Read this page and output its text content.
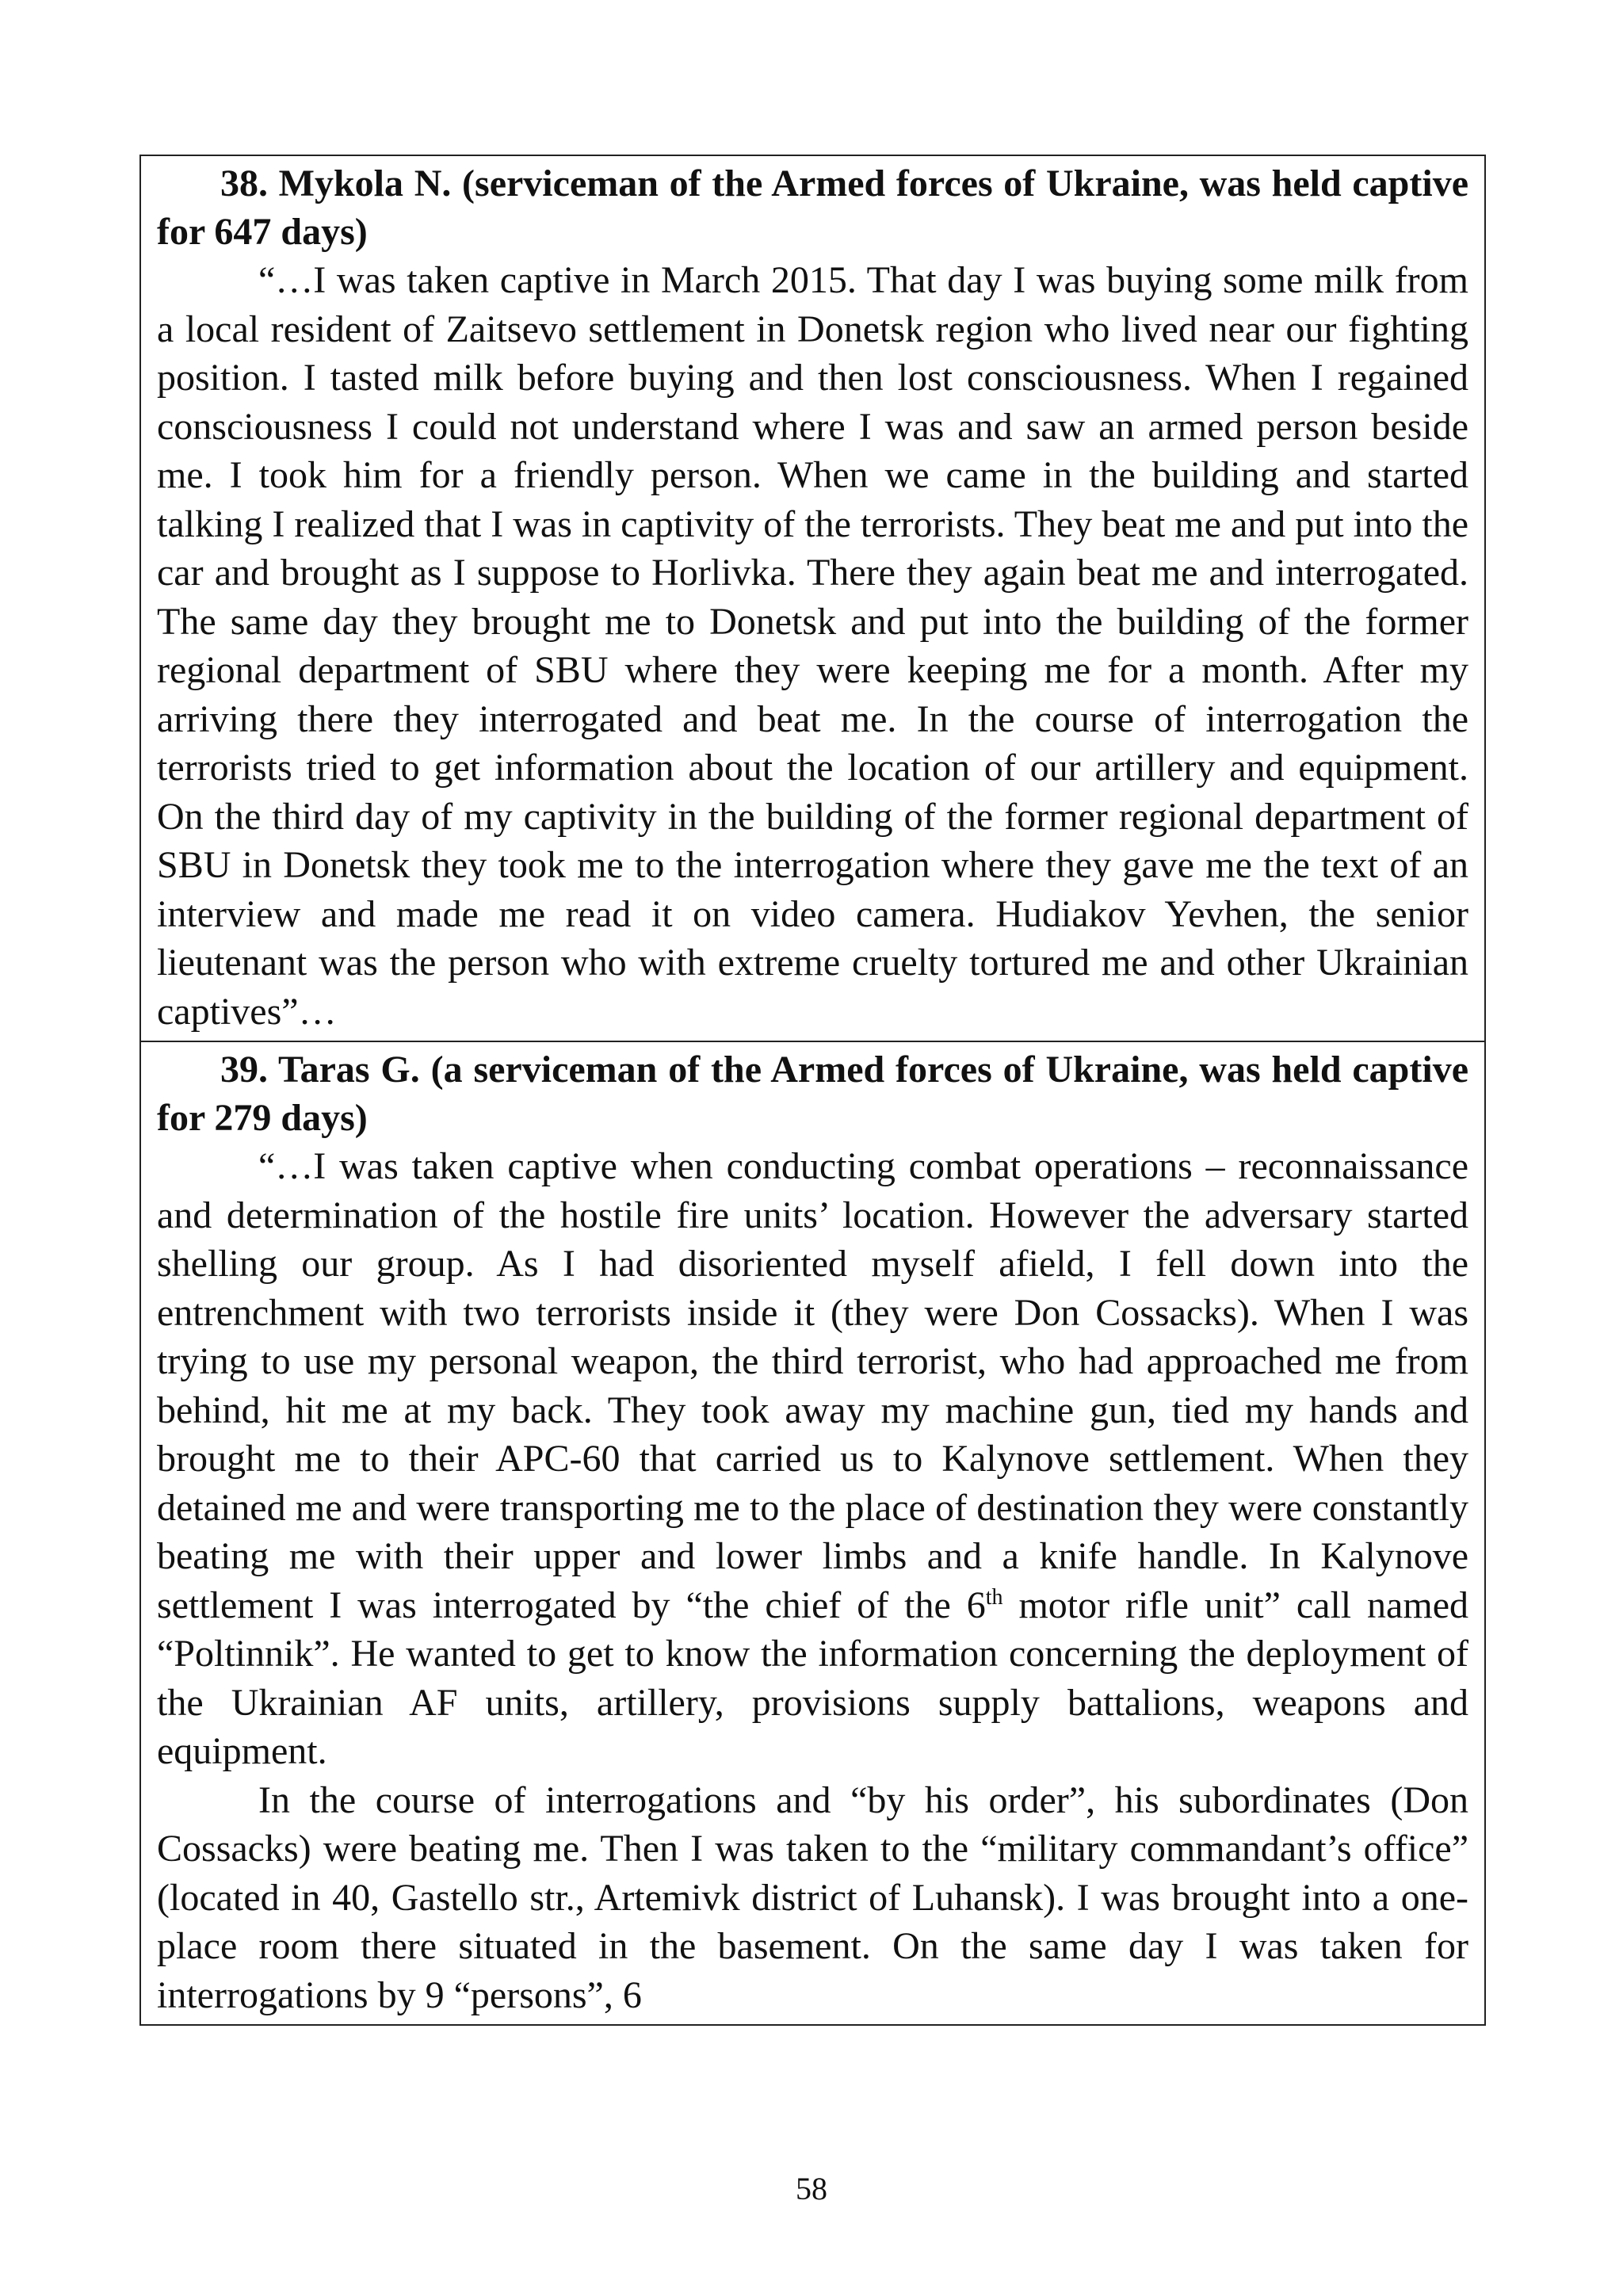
38. Mykola N. (serviceman of the Armed forces of Ukraine, was held captive for 647 days)

“…I was taken captive in March 2015. That day I was buying some milk from a local resident of Zaitsevo settlement in Donetsk region who lived near our fighting position. I tasted milk before buying and then lost consciousness. When I regained consciousness I could not understand where I was and saw an armed person beside me. I took him for a friendly person. When we came in the building and started talking I realized that I was in captivity of the terrorists. They beat me and put into the car and brought as I suppose to Horlivka. There they again beat me and interrogated. The same day they brought me to Donetsk and put into the building of the former regional department of SBU where they were keeping me for a month. After my arriving there they interrogated and beat me. In the course of interrogation the terrorists tried to get information about the location of our artillery and equipment. On the third day of my captivity in the building of the former regional department of SBU in Donetsk they took me to the interrogation where they gave me the text of an interview and made me read it on video camera. Hudiakov Yevhen, the senior lieutenant was the person who with extreme cruelty tortured me and other Ukrainian captives”…

39. Taras G. (a serviceman of the Armed forces of Ukraine, was held captive for 279 days)

“…I was taken captive when conducting combat operations – reconnaissance and determination of the hostile fire units’ location. However the adversary started shelling our group. As I had disoriented myself afield, I fell down into the entrenchment with two terrorists inside it (they were Don Cossacks). When I was trying to use my personal weapon, the third terrorist, who had approached me from behind, hit me at my back. They took away my machine gun, tied my hands and brought me to their APC-60 that carried us to Kalynove settlement. When they detained me and were transporting me to the place of destination they were constantly beating me with their upper and lower limbs and a knife handle. In Kalynove settlement I was interrogated by “the chief of the 6th motor rifle unit” call named “Poltinnik”. He wanted to get to know the information concerning the deployment of the Ukrainian AF units, artillery, provisions supply battalions, weapons and equipment.

In the course of interrogations and “by his order”, his subordinates (Don Cossacks) were beating me. Then I was taken to the “military commandant’s office” (located in 40, Gastello str., Artemivk district of Luhansk). I was brought into a one-place room there situated in the basement. On the same day I was taken for interrogations by 9 “persons”, 6

58
